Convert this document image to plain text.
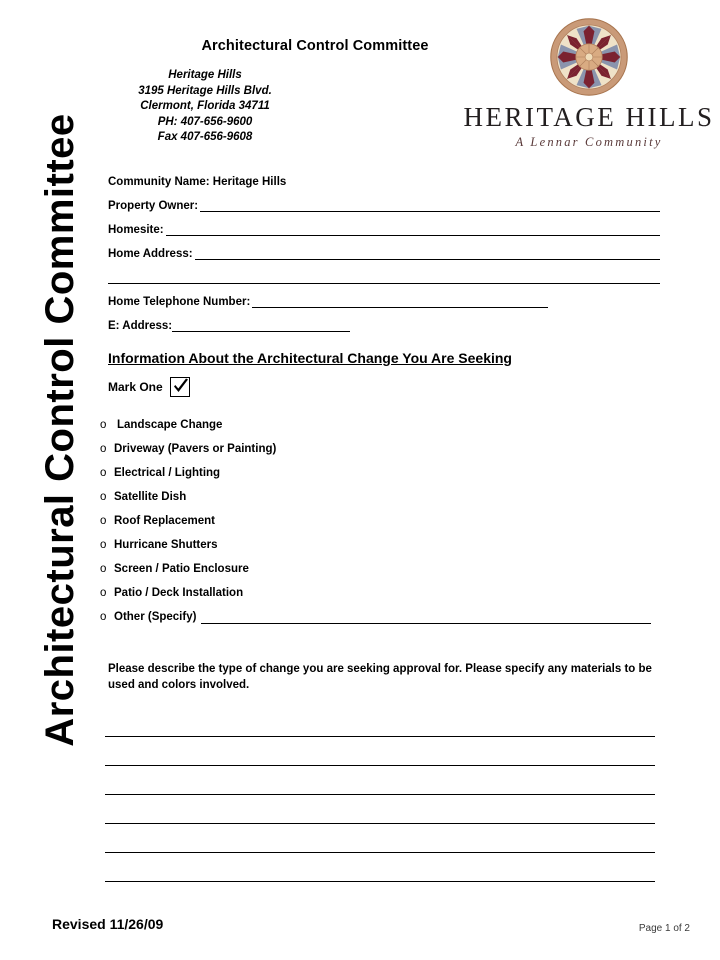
Architectural Control Committee
Architectural Control Committee
Heritage Hills
3195 Heritage Hills Blvd.
Clermont, Florida 34711
PH: 407-656-9600
Fax 407-656-9608
HERITAGE HILLS
A Lennar Community
Community Name: Heritage Hills
Property Owner:
Homesite:
Home Address:
Home Telephone Number:
E: Address:
Information About the Architectural Change You Are Seeking
Mark One
o Landscape Change
o Driveway (Pavers or Painting)
o Electrical / Lighting
o Satellite Dish
o Roof Replacement
o Hurricane Shutters
o Screen / Patio Enclosure
o Patio / Deck Installation
o Other (Specify)
Please describe the type of change you are seeking approval for. Please specify any materials to be used and colors involved.
Revised 11/26/09	Page 1 of 2
